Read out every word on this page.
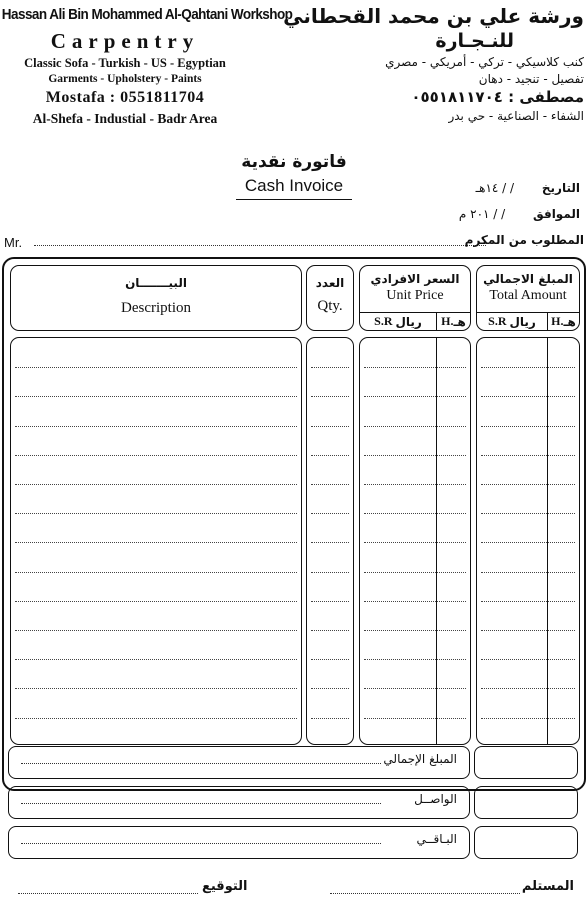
Hassan Ali Bin Mohammed Al-Qahtani Workshop
Carpentry
Classic Sofa - Turkish - US - Egyptian
Garments - Upholstery - Paints
Mostafa : 0551811704
Al-Shefa - Industial - Badr Area
ورشة علي بن محمد القحطاني
للنـجـارة
كنب كلاسيكي - تركي - أمريكي - مصري
تفصيل - تنجيد - دهان
مصطفى : ٠٥٥١٨١١٧٠٤
الشفاء - الصناعية - حي بدر
فاتورة نقدية
Cash Invoice	التاريخ / / ١٤هـ
الموافق / / ٢٠١ م
Mr.	المطلوب من المكرم
البيـــــــان
Description
العدد
Qty.
السعر الافرادي
Unit Price
S.R
ريال H. هـ
المبلغ الاجمالي
Total Amount
S.R
ريال H. هـ
المبلغ الإجمالي
الواصــل
البـاقــي
المستلم
التوقيع
